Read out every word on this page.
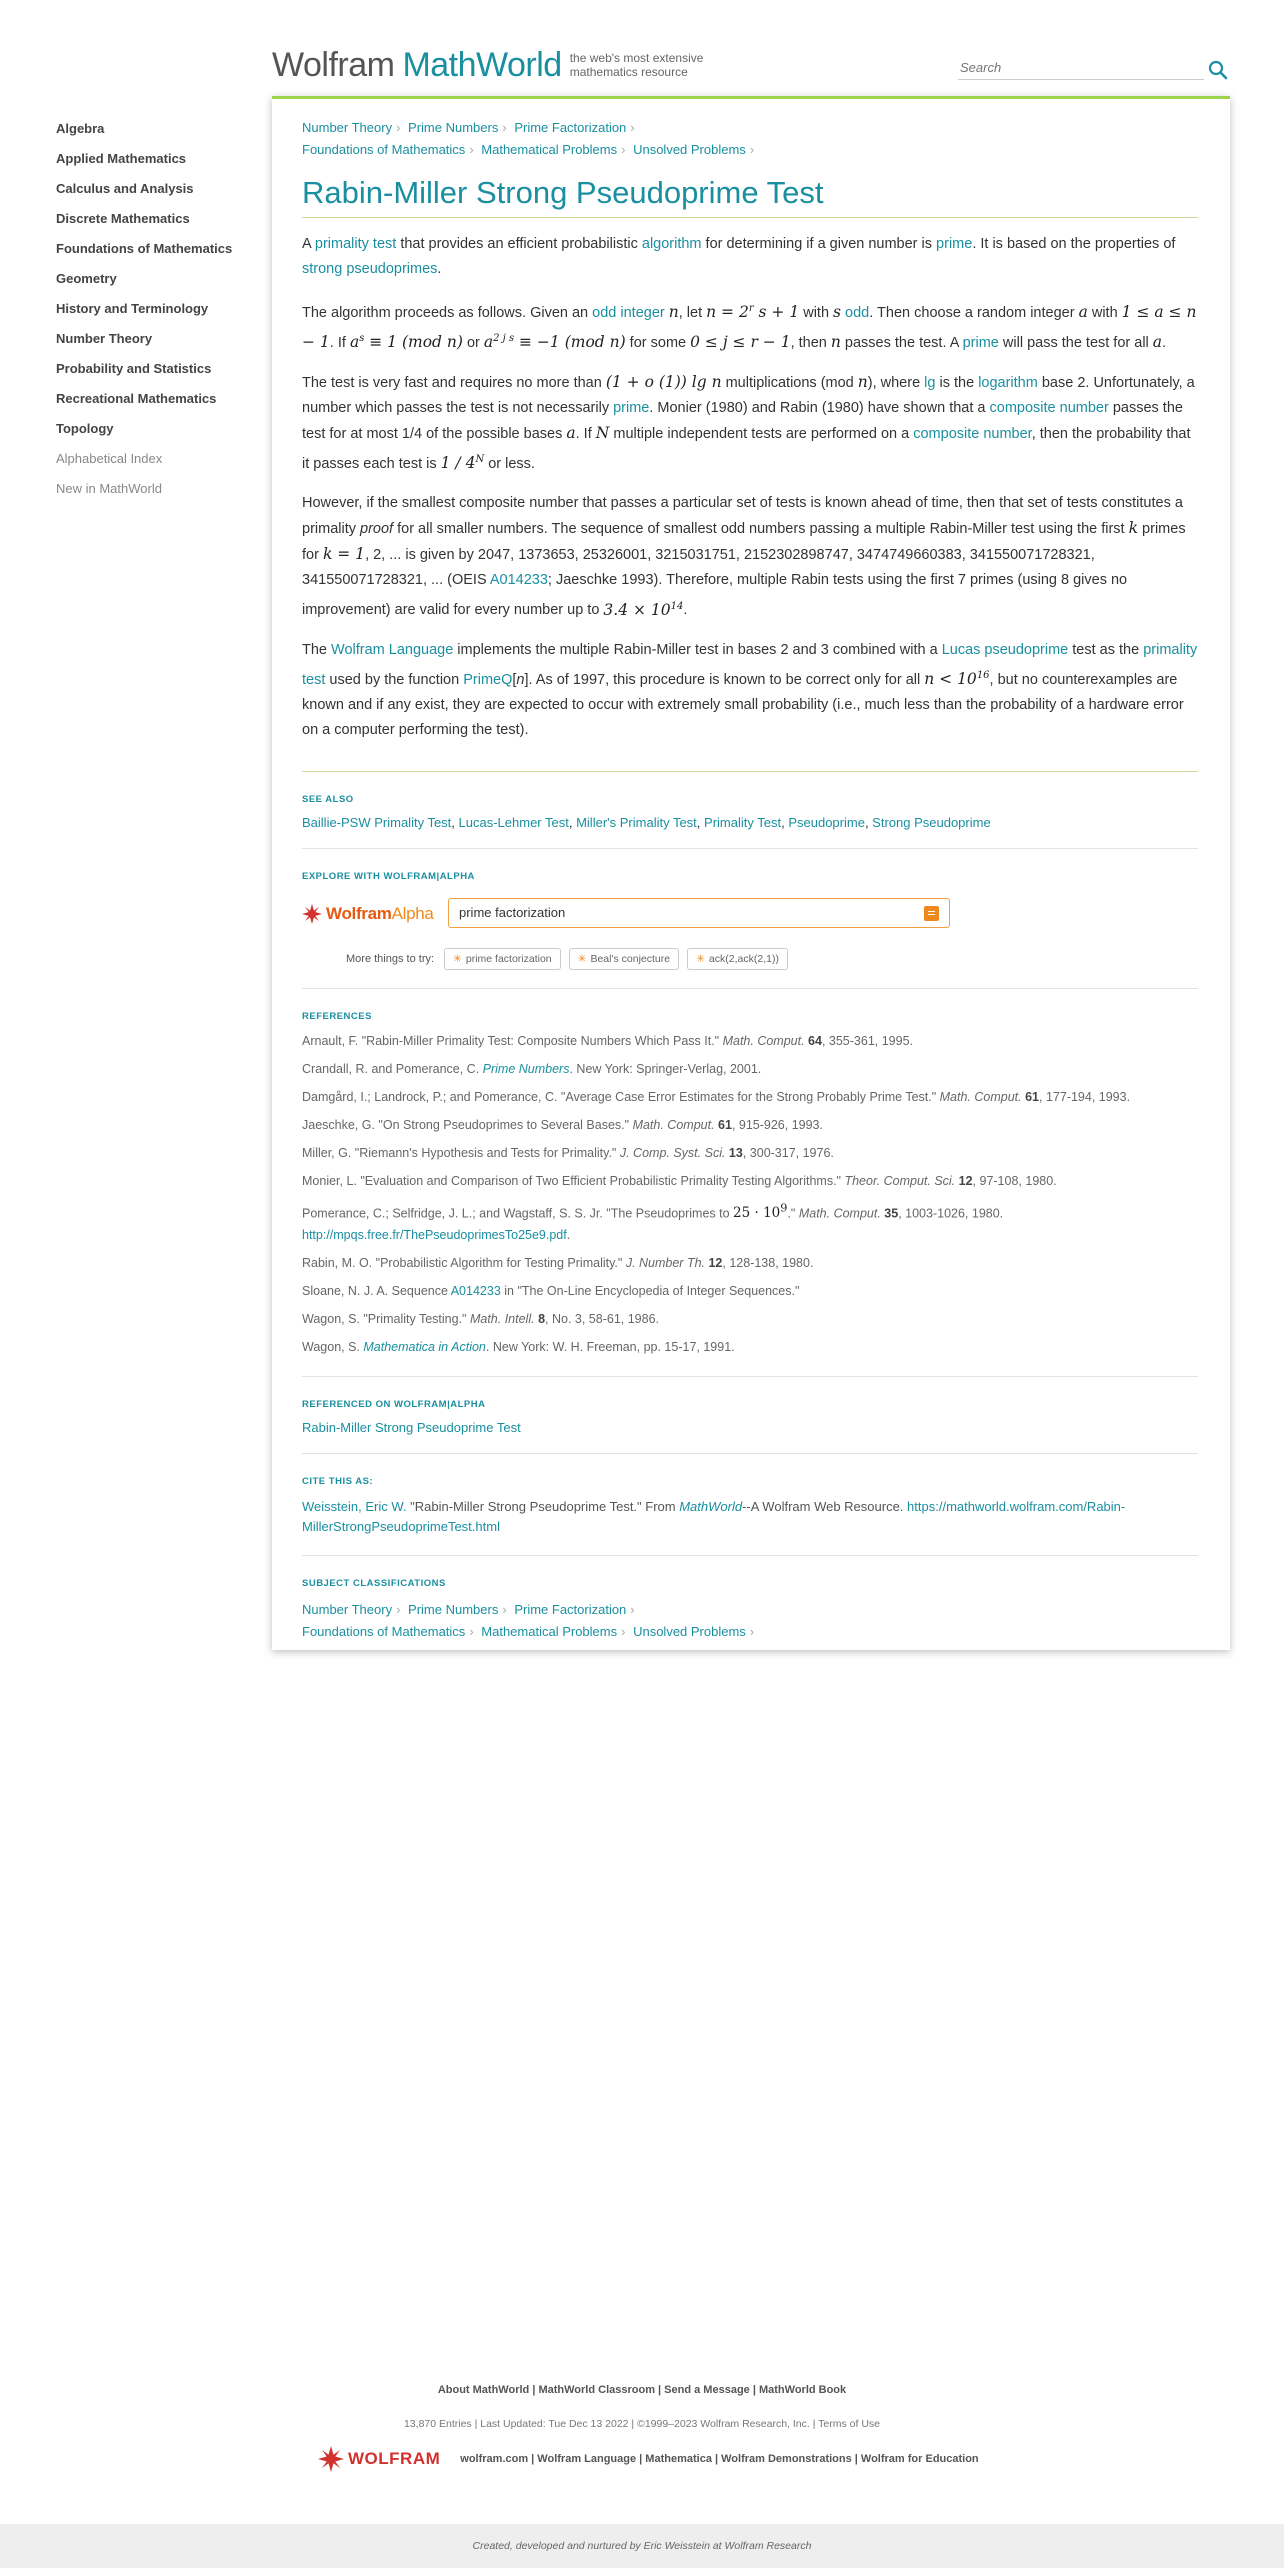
Wolfram MathWorld the web's most extensive
mathematics resource
Search
Algebra
Applied Mathematics
Calculus and Analysis
Discrete Mathematics
Foundations of Mathematics
Geometry
History and Terminology
Number Theory
Probability and Statistics
Recreational Mathematics
Topology
Alphabetical Index
New in MathWorld
Number Theory › Prime Numbers › Prime Factorization ›
Foundations of Mathematics › Mathematical Problems › Unsolved Problems ›
Rabin-Miller Strong Pseudoprime Test

A primality test that provides an efficient probabilistic algorithm for determining if a given number is prime. It is based on the properties of strong pseudoprimes.

The algorithm proceeds as follows. Given an odd integer n, let $n = 2^r$ s + 1 with s odd. Then choose a random integer a with 1 ≤ a ≤ n − 1. If $a^s \equiv 1$ (mod n) or $a^{2 j s} \equiv -1$ (mod n) for some 0 ≤ j ≤ r − 1, then n passes the test. A prime will pass the test for all a.

The test is very fast and requires no more than (1 + o (1)) lg n multiplications (mod n), where lg is the logarithm base 2. Unfortunately, a number which passes the test is not necessarily prime. Monier (1980) and Rabin (1980) have shown that a composite number passes the test for at most 1/4 of the possible bases a. If N multiple independent tests are performed on a composite number, then the probability that it passes each test is $1 / 4^N$ or less.

However, if the smallest composite number that passes a particular set of tests is known ahead of time, then that set of tests constitutes a primality proof for all smaller numbers. The sequence of smallest odd numbers passing a multiple Rabin-Miller test using the first k primes for k = 1, 2, ... is given by 2047, 1373653, 25326001, 3215031751, 2152302898747, 3474749660383, 341550071728321, 341550071728321, ... (OEIS A014233; Jaeschke 1993). Therefore, multiple Rabin tests using the first 7 primes (using 8 gives no improvement) are valid for every number up to $3.4 \times 10^{14}$.

The Wolfram Language implements the multiple Rabin-Miller test in bases 2 and 3 combined with a Lucas pseudoprime test as the primality test used by the function PrimeQ[n]. As of 1997, this procedure is known to be correct only for all $n < 10^{16}$, but no counterexamples are known and if any exist, they are expected to occur with extremely small probability (i.e., much less than the probability of a hardware error on a computer performing the test).

SEE ALSO
Baillie-PSW Primality Test, Lucas-Lehmer Test, Miller's Primality Test, Primality Test, Pseudoprime, Strong Pseudoprime
EXPLORE WITH WOLFRAM|ALPHA
WolframAlpha
prime factorization
More things to try:	✳ prime factorization	✳ Beal's conjecture	✳ ack(2,ack(2,1))
REFERENCES
Arnault, F. "Rabin-Miller Primality Test: Composite Numbers Which Pass It." Math. Comput. 64, 355-361, 1995.
Crandall, R. and Pomerance, C. Prime Numbers. New York: Springer-Verlag, 2001.
Damgård, I.; Landrock, P.; and Pomerance, C. "Average Case Error Estimates for the Strong Probably Prime Test." Math. Comput. 61, 177-194, 1993.
Jaeschke, G. "On Strong Pseudoprimes to Several Bases." Math. Comput. 61, 915-926, 1993.
Miller, G. "Riemann's Hypothesis and Tests for Primality." J. Comp. Syst. Sci. 13, 300-317, 1976.
Monier, L. "Evaluation and Comparison of Two Efficient Probabilistic Primality Testing Algorithms." Theor. Comput. Sci. 12, 97-108, 1980.
Pomerance, C.; Selfridge, J. L.; and Wagstaff, S. S. Jr. "The Pseudoprimes to $25 \cdot 10^9$." Math. Comput. 35, 1003-1026, 1980.
http://mpqs.free.fr/ThePseudoprimesTo25e9.pdf.
Rabin, M. O. "Probabilistic Algorithm for Testing Primality." J. Number Th. 12, 128-138, 1980.
Sloane, N. J. A. Sequence A014233 in "The On-Line Encyclopedia of Integer Sequences."
Wagon, S. "Primality Testing." Math. Intell. 8, No. 3, 58-61, 1986.
Wagon, S. Mathematica in Action. New York: W. H. Freeman, pp. 15-17, 1991.
REFERENCED ON WOLFRAM|ALPHA
Rabin-Miller Strong Pseudoprime Test
CITE THIS AS:
Weisstein, Eric W. "Rabin-Miller Strong Pseudoprime Test." From MathWorld--A Wolfram Web Resource. https://mathworld.wolfram.com/Rabin-MillerStrongPseudoprimeTest.html
SUBJECT CLASSIFICATIONS
Number Theory › Prime Numbers › Prime Factorization ›
Foundations of Mathematics › Mathematical Problems › Unsolved Problems ›
About MathWorld | MathWorld Classroom | Send a Message | MathWorld Book
13,870 Entries | Last Updated: Tue Dec 13 2022 | ©1999–2023 Wolfram Research, Inc. | Terms of Use
WOLFRAM wolfram.com | Wolfram Language | Mathematica | Wolfram Demonstrations | Wolfram for Education
Created, developed and nurtured by Eric Weisstein at Wolfram Research
